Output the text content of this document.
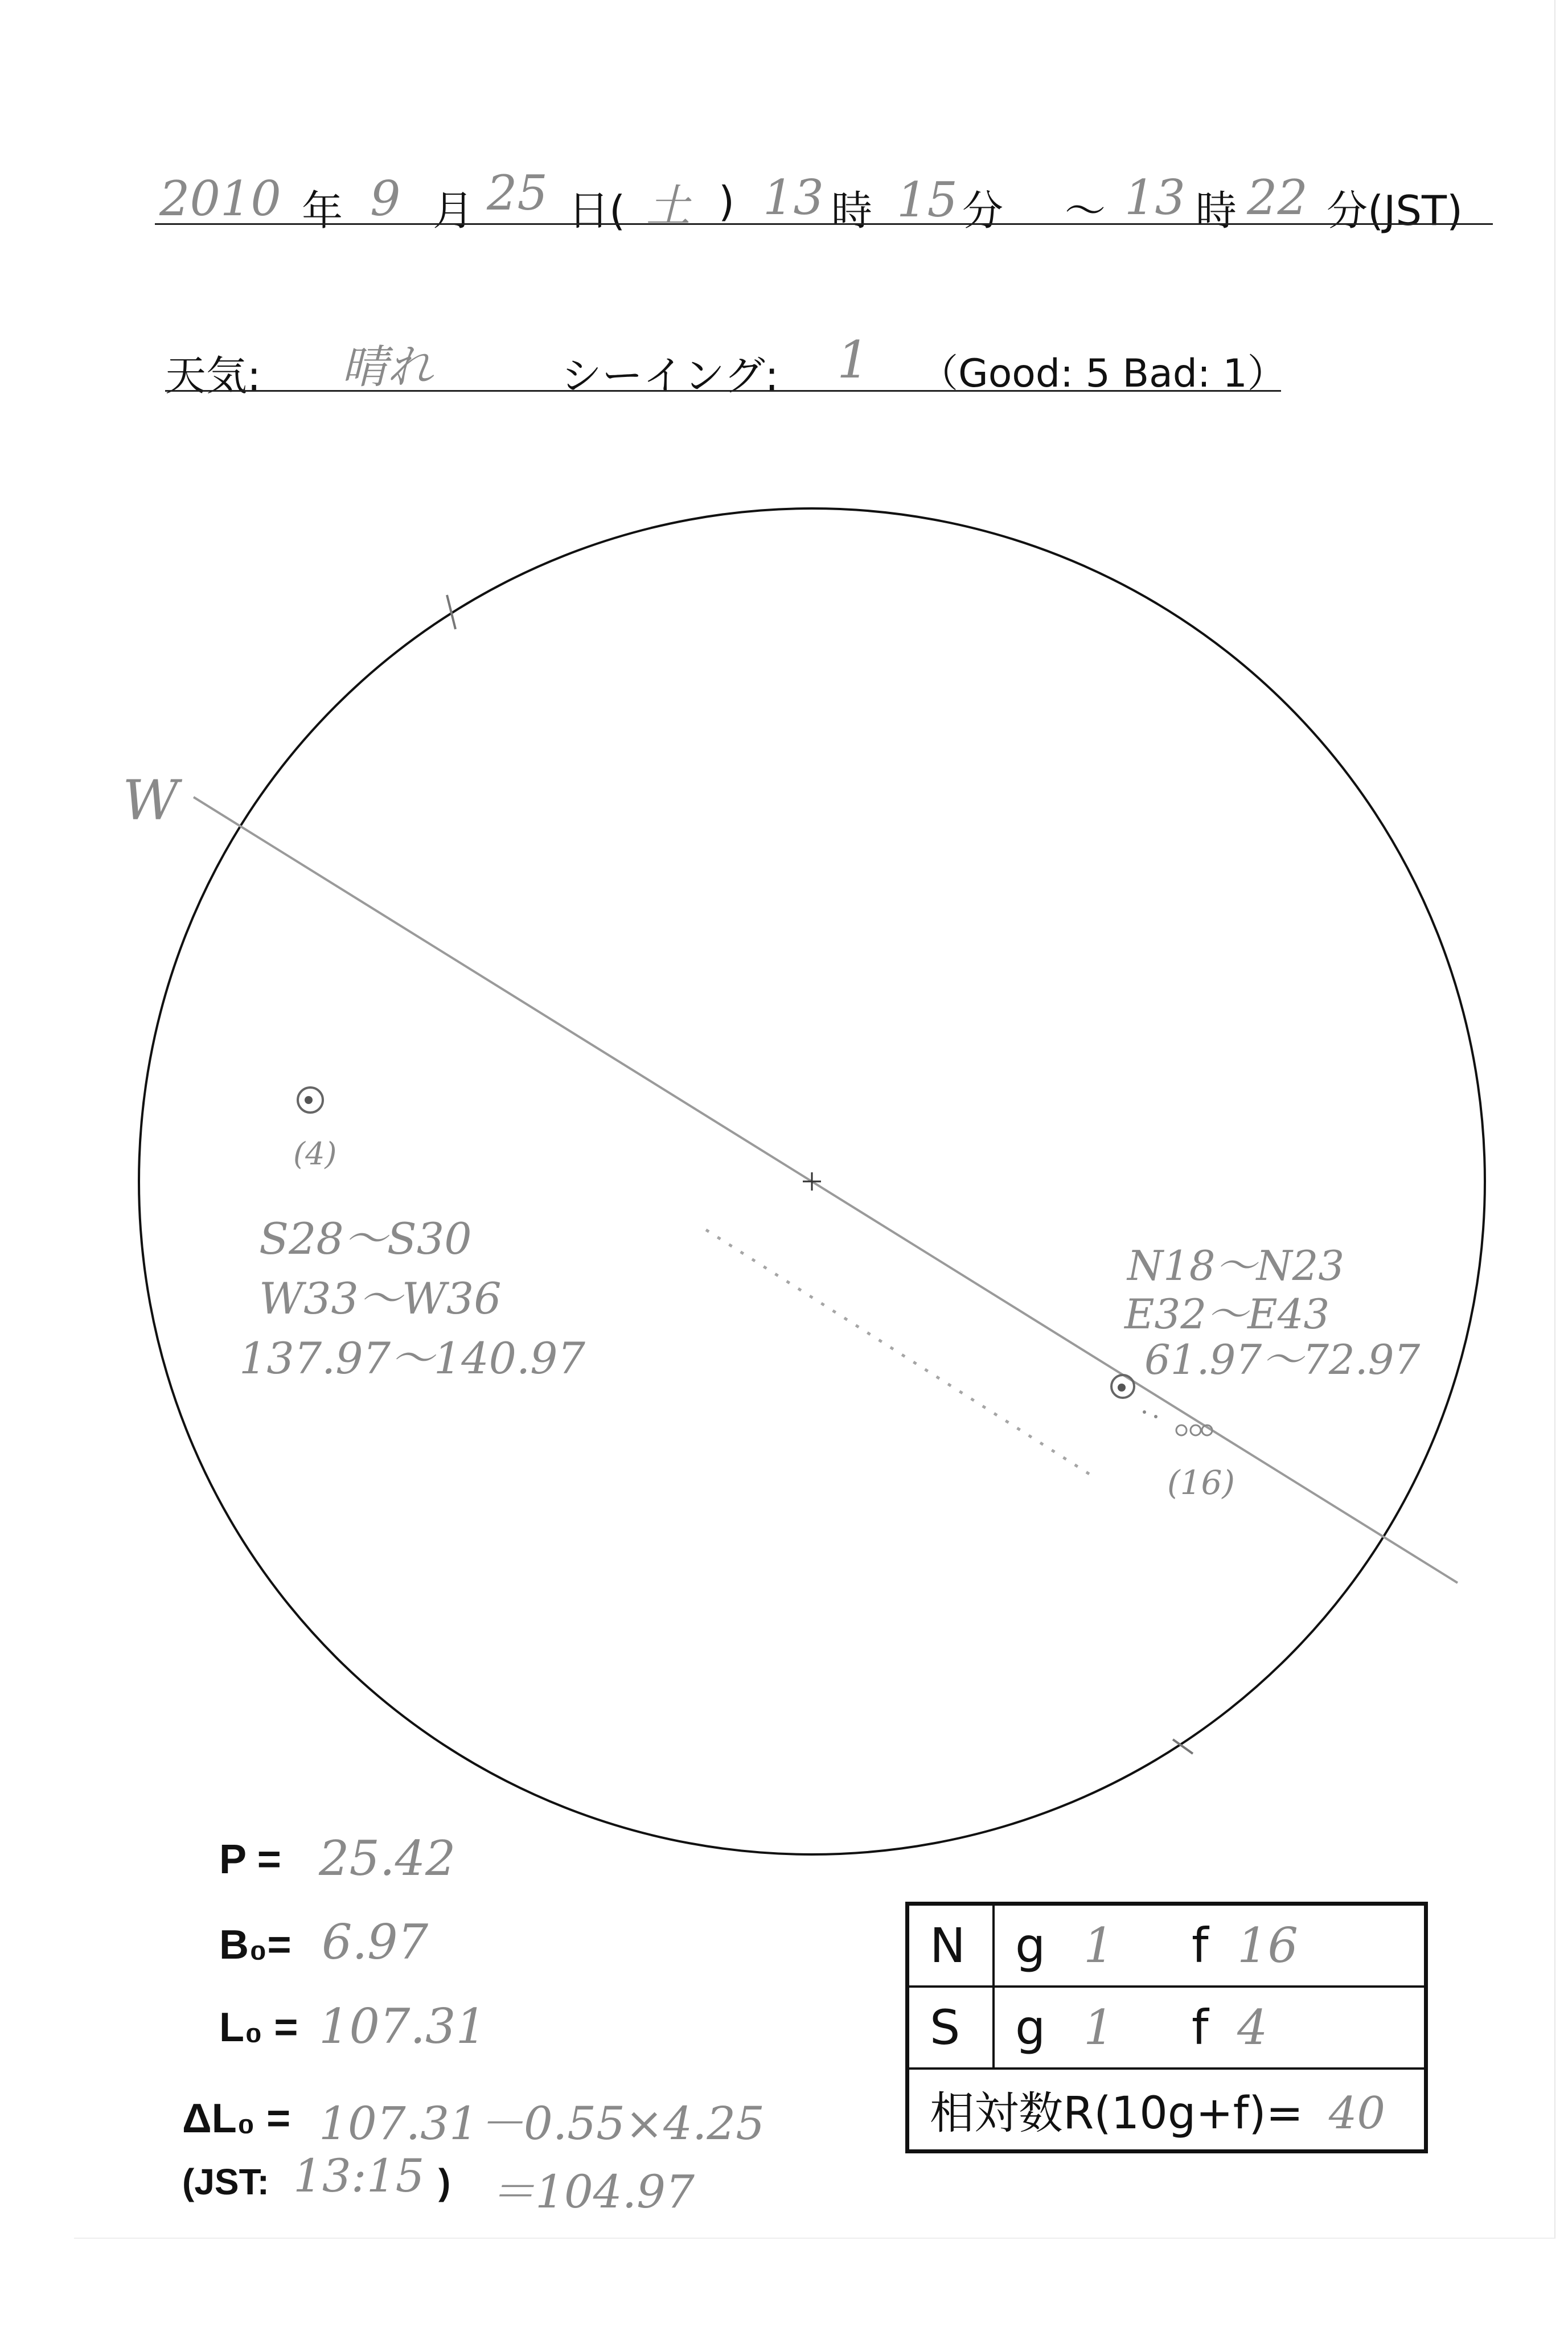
2010 年 9 月 25 日( 土 ) 13 時 15 分 ～ 13 時 22 分(JST)
天気: 晴れ	シーイング: 1 （Good: 5 Bad: 1）
W
(4)
S28～S30
W33～W36
137.97～140.97
N18～N23
E32～E43
61.97～72.97
(16)
P = 25.42
B₀= 6.97
L₀ = 107.31
ΔL₀ = 107.31－0.55×4.25
(JST: 13:15 ) ＝104.97
N	g 1 f 16
S	g 1 f 4
相対数R(10g+f)= 40	
